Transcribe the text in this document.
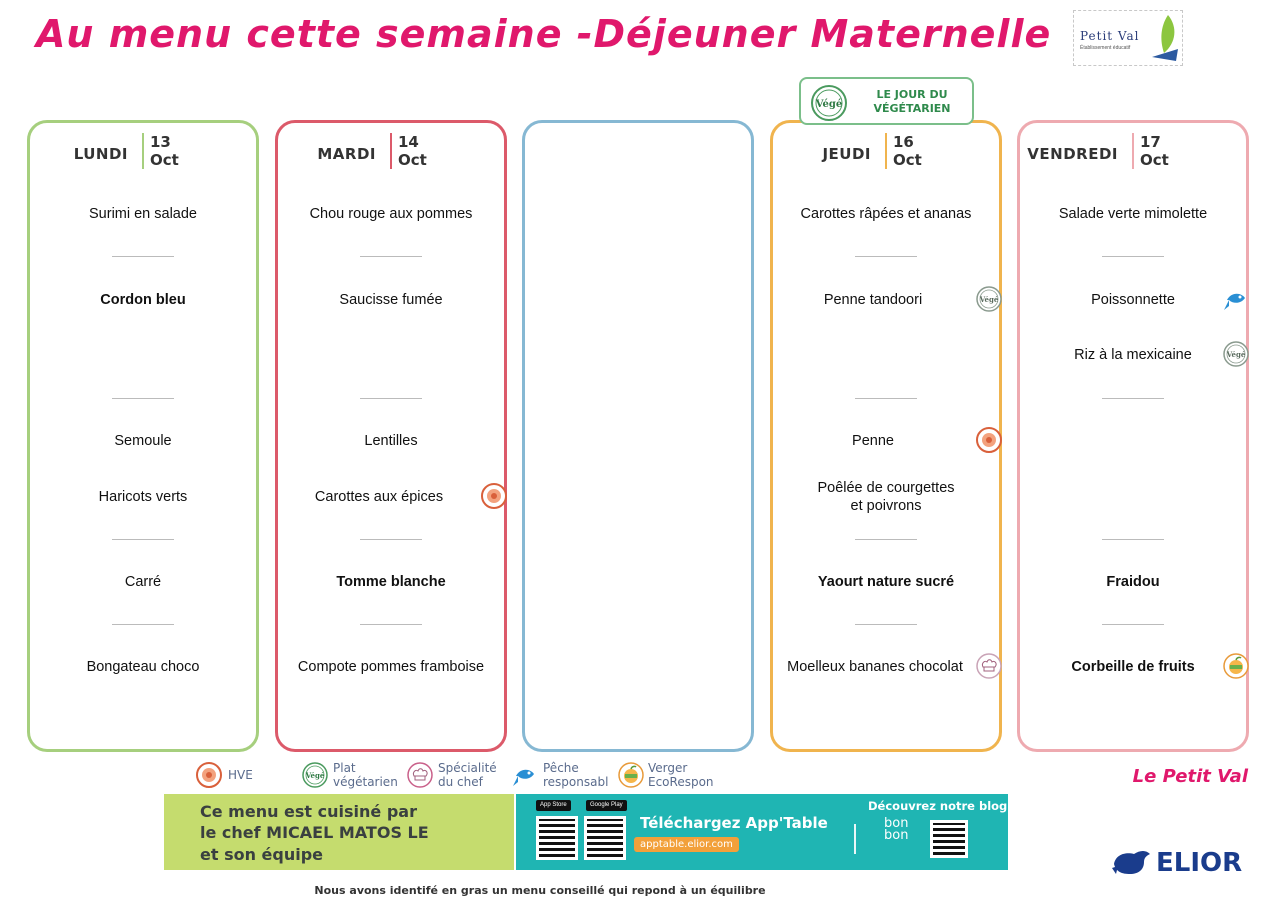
Au menu cette semaine -Déjeuner Maternelle Petit Val
Établissement éducatif
Végé
LE JOUR DU
VÉGÉTARIEN
LUNDI
13
Oct
Surimi en salade
Cordon bleu
Semoule
Haricots verts
Carré
Bongateau choco
MARDI
14
Oct
Chou rouge aux pommes
Saucisse fumée
Lentilles
Carottes aux épices
Tomme blanche
Compote pommes framboise
JEUDI
16
Oct
Carottes râpées et ananas
Penne tandoori	Végé
Penne
Poêlée de courgettes
et poivrons
Yaourt nature sucré
Moelleux bananes chocolat
VENDREDI
17
Oct
Salade verte mimolette
Poissonnette
Riz à la mexicaine	Végé
Fraidou
Corbeille de fruits
HVE	Végé
Plat
végétarien
Spécialité
du chef
Pêche
responsabl
Verger
EcoRespon	Le Petit Val
Ce menu est cuisiné par
le chef MICAEL MATOS LE
et son équipe
App Store	Google Play
Téléchargez App'Table
apptable.elior.com
Découvrez notre blog
bon bon
ELIOR
Nous avons identifé en gras un menu conseillé qui repond à un équilibre
